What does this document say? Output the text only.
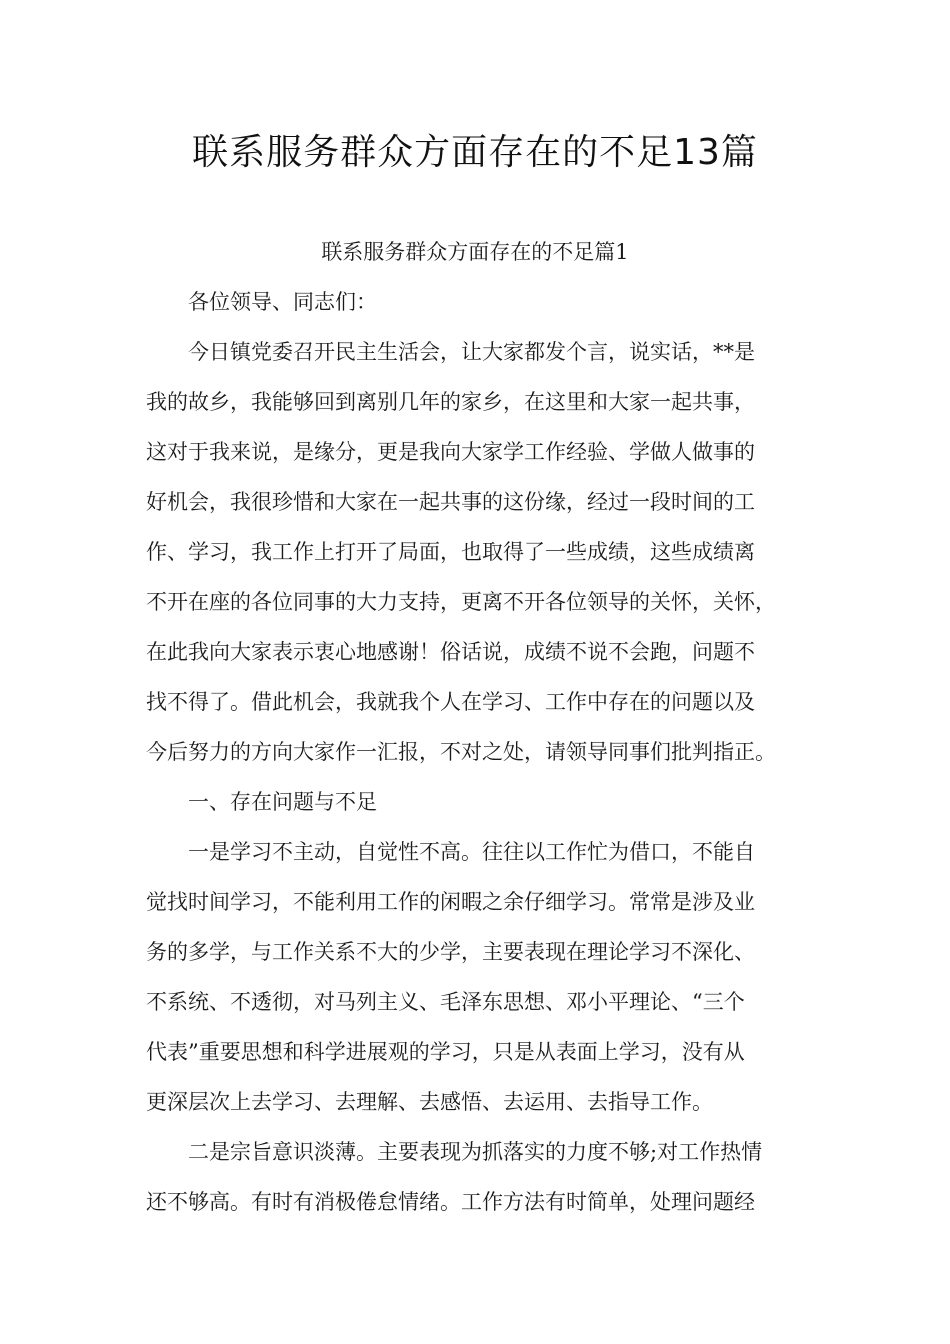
联系服务群众方面存在的不足13篇
联系服务群众方面存在的不足篇1
各位领导、同志们：
今日镇党委召开民主生活会，让大家都发个言，说实话，**是
我的故乡，我能够回到离别几年的家乡，在这里和大家一起共事，
这对于我来说，是缘分，更是我向大家学工作经验、学做人做事的
好机会，我很珍惜和大家在一起共事的这份缘，经过一段时间的工
作、学习，我工作上打开了局面，也取得了一些成绩，这些成绩离
不开在座的各位同事的大力支持，更离不开各位领导的关怀，关怀，
在此我向大家表示衷心地感谢！俗话说，成绩不说不会跑，问题不
找不得了。借此机会，我就我个人在学习、工作中存在的问题以及
今后努力的方向大家作一汇报，不对之处，请领导同事们批判指正。
一、存在问题与不足
一是学习不主动，自觉性不高。往往以工作忙为借口，不能自
觉找时间学习，不能利用工作的闲暇之余仔细学习。常常是涉及业
务的多学，与工作关系不大的少学，主要表现在理论学习不深化、
不系统、不透彻，对马列主义、毛泽东思想、邓小平理论、“三个
代表”重要思想和科学进展观的学习，只是从表面上学习，没有从
更深层次上去学习、去理解、去感悟、去运用、去指导工作。
二是宗旨意识淡薄。主要表现为抓落实的力度不够;对工作热情
还不够高。有时有消极倦怠情绪。工作方法有时简单，处理问题经
